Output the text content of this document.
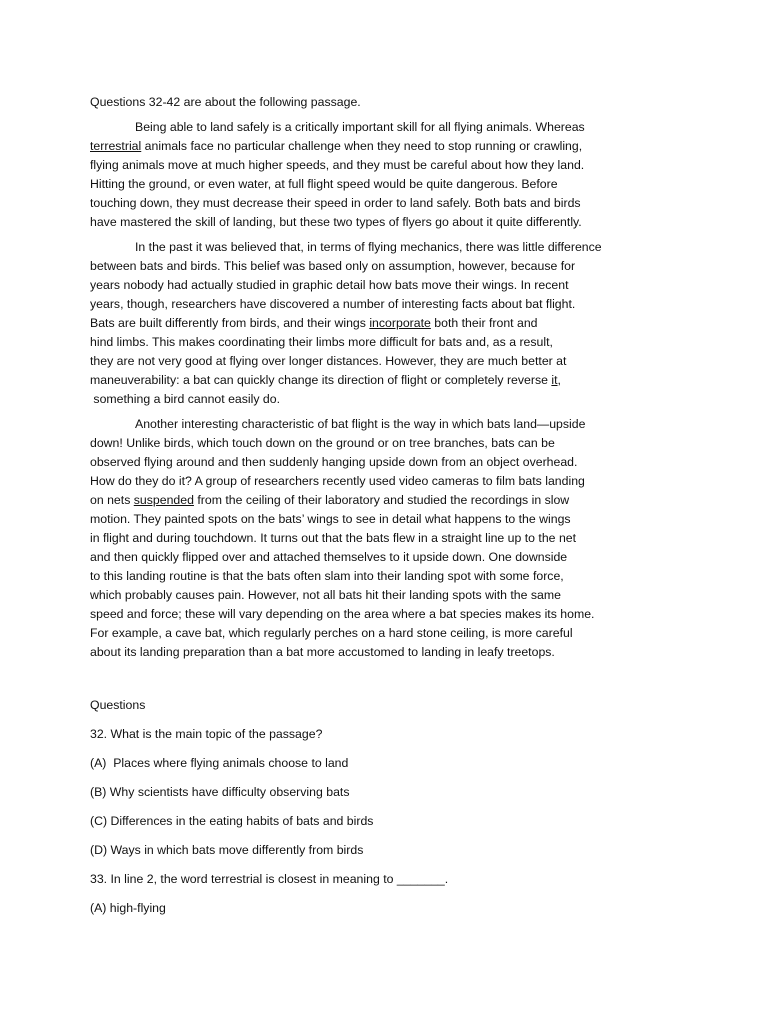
Questions 32-42 are about the following passage.
Being able to land safely is a critically important skill for all flying animals. Whereas
terrestrial animals face no particular challenge when they need to stop running or crawling,
flying animals move at much higher speeds, and they must be careful about how they land.
Hitting the ground, or even water, at full flight speed would be quite dangerous. Before
touching down, they must decrease their speed in order to land safely. Both bats and birds
have mastered the skill of landing, but these two types of flyers go about it quite differently.
In the past it was believed that, in terms of flying mechanics, there was little difference
between bats and birds. This belief was based only on assumption, however, because for
years nobody had actually studied in graphic detail how bats move their wings. In recent
years, though, researchers have discovered a number of interesting facts about bat flight.
Bats are built differently from birds, and their wings incorporate both their front and
hind limbs. This makes coordinating their limbs more difficult for bats and, as a result,
they are not very good at flying over longer distances. However, they are much better at
maneuverability: a bat can quickly change its direction of flight or completely reverse it,
something a bird cannot easily do.
Another interesting characteristic of bat flight is the way in which bats land—upside
down! Unlike birds, which touch down on the ground or on tree branches, bats can be
observed flying around and then suddenly hanging upside down from an object overhead.
How do they do it? A group of researchers recently used video cameras to film bats landing
on nets suspended from the ceiling of their laboratory and studied the recordings in slow
motion. They painted spots on the bats’ wings to see in detail what happens to the wings
in flight and during touchdown. It turns out that the bats flew in a straight line up to the net
and then quickly flipped over and attached themselves to it upside down. One downside
to this landing routine is that the bats often slam into their landing spot with some force,
which probably causes pain. However, not all bats hit their landing spots with the same
speed and force; these will vary depending on the area where a bat species makes its home.
For example, a cave bat, which regularly perches on a hard stone ceiling, is more careful
about its landing preparation than a bat more accustomed to landing in leafy treetops.
Questions
32. What is the main topic of the passage?
(A)  Places where flying animals choose to land
(B) Why scientists have difficulty observing bats
(C) Differences in the eating habits of bats and birds
(D) Ways in which bats move differently from birds
33. In line 2, the word terrestrial is closest in meaning to _______.
(A) high-flying
